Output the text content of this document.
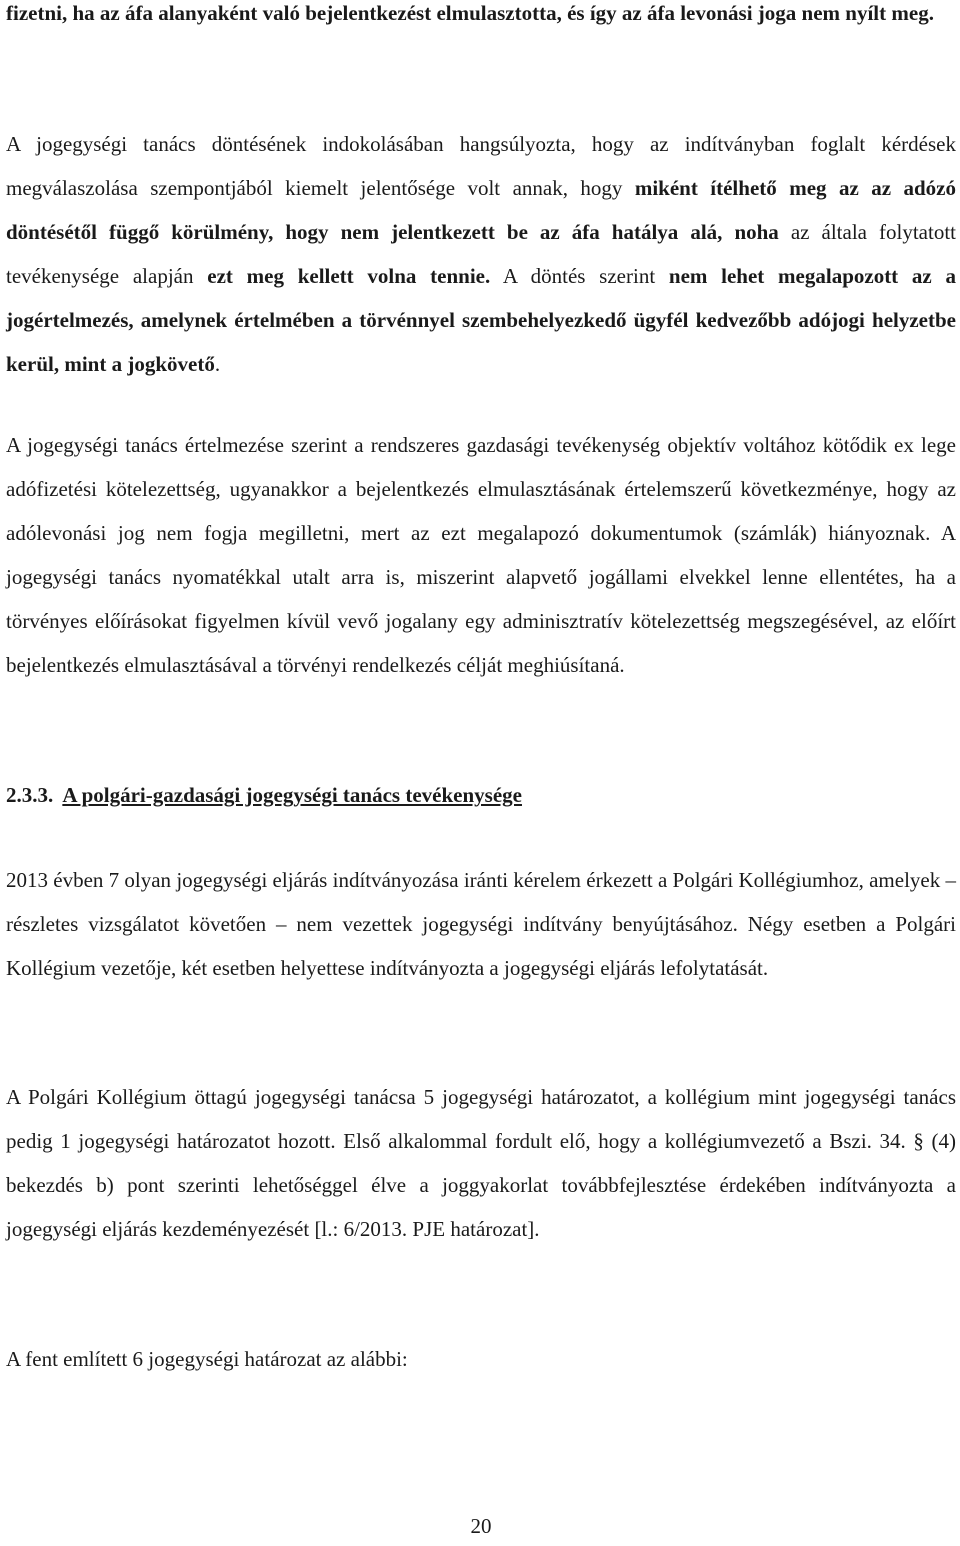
fizetni, ha az áfa alanyaként való bejelentkezést elmulasztotta, és így az áfa levonási joga nem nyílt meg.

A jogegységi tanács döntésének indokolásában hangsúlyozta, hogy az indítványban foglalt kérdések megválaszolása szempontjából kiemelt jelentősége volt annak, hogy miként ítélhető meg az az adózó döntésétől függő körülmény, hogy nem jelentkezett be az áfa hatálya alá, noha az általa folytatott tevékenysége alapján ezt meg kellett volna tennie. A döntés szerint nem lehet megalapozott az a jogértelmezés, amelynek értelmében a törvénnyel szembehelyezkedő ügyfél kedvezőbb adójogi helyzetbe kerül, mint a jogkövető.

A jogegységi tanács értelmezése szerint a rendszeres gazdasági tevékenység objektív voltához kötődik ex lege adófizetési kötelezettség, ugyanakkor a bejelentkezés elmulasztásának értelemszerű következménye, hogy az adólevonási jog nem fogja megilletni, mert az ezt megalapozó dokumentumok (számlák) hiányoznak. A jogegységi tanács nyomatékkal utalt arra is, miszerint alapvető jogállami elvekkel lenne ellentétes, ha a törvényes előírásokat figyelmen kívül vevő jogalany egy adminisztratív kötelezettség megszegésével, az előírt bejelentkezés elmulasztásával a törvényi rendelkezés célját meghiúsítaná.

2.3.3. A polgári-gazdasági jogegységi tanács tevékenysége

2013 évben 7 olyan jogegységi eljárás indítványozása iránti kérelem érkezett a Polgári Kollégiumhoz, amelyek – részletes vizsgálatot követően – nem vezettek jogegységi indítvány benyújtásához. Négy esetben a Polgári Kollégium vezetője, két esetben helyettese indítványozta a jogegységi eljárás lefolytatását.

A Polgári Kollégium öttagú jogegységi tanácsa 5 jogegységi határozatot, a kollégium mint jogegységi tanács pedig 1 jogegységi határozatot hozott. Első alkalommal fordult elő, hogy a kollégiumvezető a Bszi. 34. § (4) bekezdés b) pont szerinti lehetőséggel élve a joggyakorlat továbbfejlesztése érdekében indítványozta a jogegységi eljárás kezdeményezését [l.: 6/2013. PJE határozat].

A fent említett 6 jogegységi határozat az alábbi:

20
